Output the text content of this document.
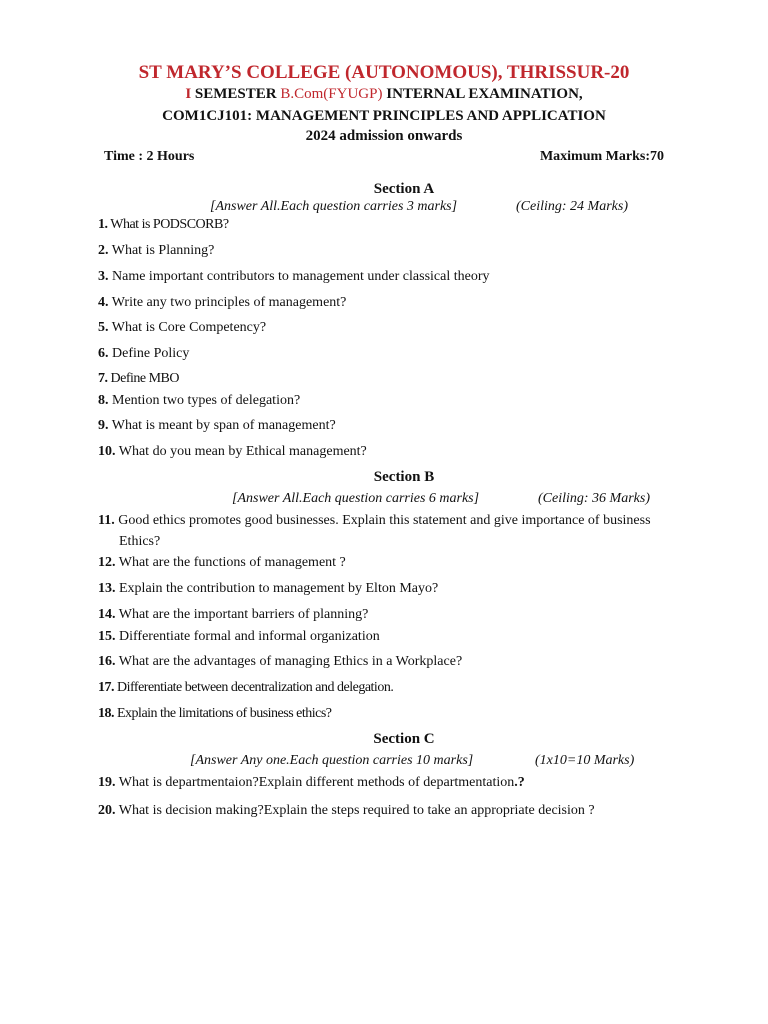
ST MARY’S COLLEGE (AUTONOMOUS), THRISSUR-20
I SEMESTER B.Com(FYUGP) INTERNAL EXAMINATION,
COM1CJ101: MANAGEMENT PRINCIPLES AND APPLICATION
2024 admission onwards
Time : 2 Hours	Maximum Marks:70
Section A
[Answer All.Each question carries 3 marks]	(Ceiling: 24 Marks)
1. What is PODSCORB?
2. What is Planning?
3. Name important contributors to management under classical theory
4. Write any two principles of management?
5. What is Core Competency?
6. Define Policy
7. Define MBO
8. Mention two types of delegation?
9. What is meant by span of management?
10. What do you mean by Ethical management?
Section B
[Answer All.Each question carries 6 marks]	(Ceiling: 36 Marks)
11. Good ethics promotes good businesses. Explain this statement and give importance of business
Ethics?
12. What are the functions of management ?
13. Explain the contribution to management by Elton Mayo?
14. What are the important barriers of planning?
15. Differentiate formal and informal organization
16. What are the advantages of managing Ethics in a Workplace?
17. Differentiate between decentralization and delegation.
18. Explain the limitations of business ethics?
Section C
[Answer Any one.Each question carries 10 marks]	(1x10=10 Marks)
19. What is departmentaion?Explain different methods of departmentation.?
20. What is decision making?Explain the steps required to take an appropriate decision ?
